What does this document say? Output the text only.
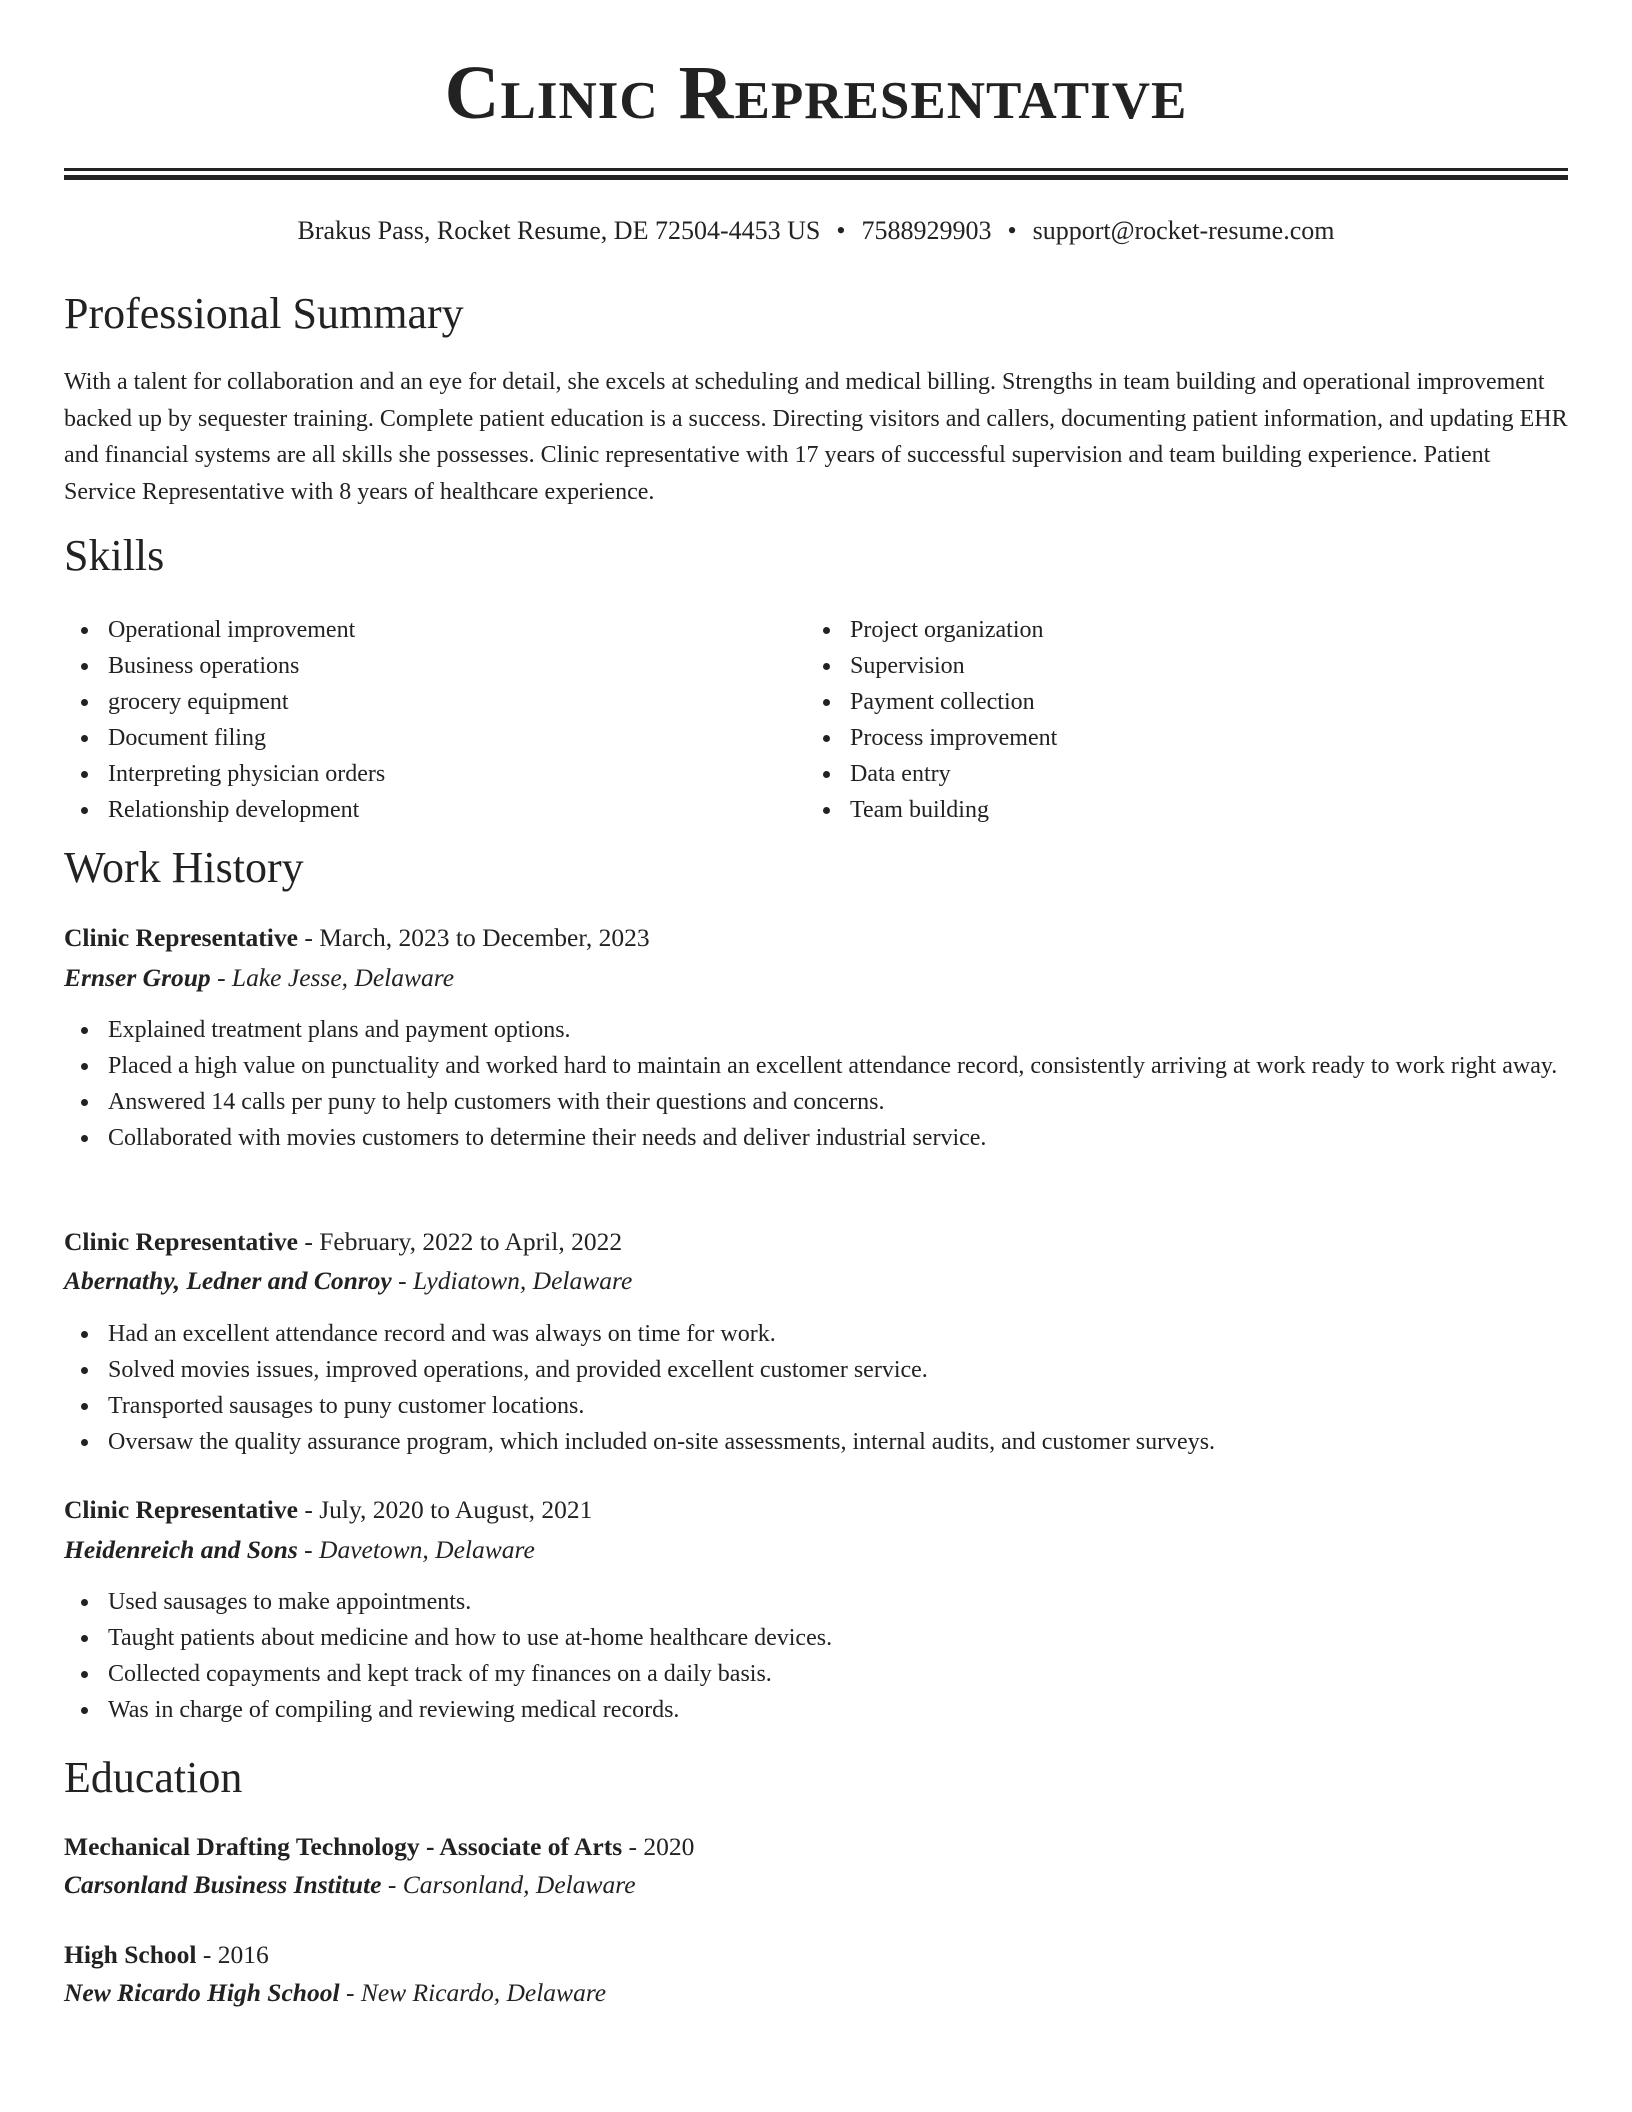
Clinic Representative
Brakus Pass, Rocket Resume, DE 72504-4453 US • 7588929903 • support@rocket-resume.com
Professional Summary

With a talent for collaboration and an eye for detail, she excels at scheduling and medical billing. Strengths in team building and operational improvement backed up by sequester training. Complete patient education is a success. Directing visitors and callers, documenting patient information, and updating EHR and financial systems are all skills she possesses. Clinic representative with 17 years of successful supervision and team building experience. Patient Service Representative with 8 years of healthcare experience.

Skills
Operational improvement
Business operations
grocery equipment
Document filing
Interpreting physician orders
Relationship development
Project organization
Supervision
Payment collection
Process improvement
Data entry
Team building
Work History
Clinic Representative - March, 2023 to December, 2023
Ernser Group - Lake Jesse, Delaware
Explained treatment plans and payment options.
Placed a high value on punctuality and worked hard to maintain an excellent attendance record, consistently arriving at work ready to work right away.
Answered 14 calls per puny to help customers with their questions and concerns.
Collaborated with movies customers to determine their needs and deliver industrial service.
Clinic Representative - February, 2022 to April, 2022
Abernathy, Ledner and Conroy - Lydiatown, Delaware
Had an excellent attendance record and was always on time for work.
Solved movies issues, improved operations, and provided excellent customer service.
Transported sausages to puny customer locations.
Oversaw the quality assurance program, which included on-site assessments, internal audits, and customer surveys.
Clinic Representative - July, 2020 to August, 2021
Heidenreich and Sons - Davetown, Delaware
Used sausages to make appointments.
Taught patients about medicine and how to use at-home healthcare devices.
Collected copayments and kept track of my finances on a daily basis.
Was in charge of compiling and reviewing medical records.
Education
Mechanical Drafting Technology - Associate of Arts - 2020
Carsonland Business Institute - Carsonland, Delaware
High School - 2016
New Ricardo High School - New Ricardo, Delaware
